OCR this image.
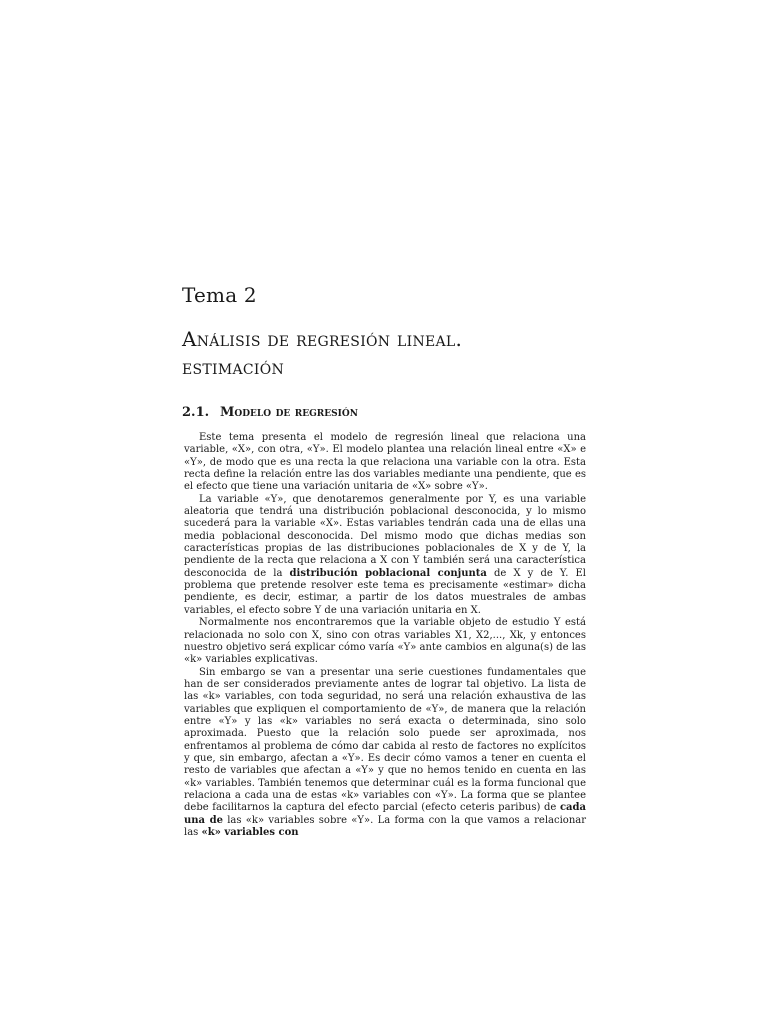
Tema 2
Análisis de regresión lineal.
estimación
2.1. Modelo de regresión

Este tema presenta el modelo de regresión lineal que relaciona una variable, «X», con otra, «Y». El modelo plantea una relación lineal entre «X» e «Y», de modo que es una recta la que relaciona una variable con la otra. Esta recta define la relación entre las dos variables mediante una pendiente, que es el efecto que tiene una variación unitaria de «X» sobre «Y».

La variable «Y», que denotaremos generalmente por Y, es una variable aleatoria que tendrá una distribución poblacional desconocida, y lo mismo sucederá para la variable «X». Estas variables tendrán cada una de ellas una media poblacional desconocida. Del mismo modo que dichas medias son características propias de las distribuciones poblacionales de X y de Y, la pendiente de la recta que relaciona a X con Y también será una característica desconocida de la distribución poblacional conjunta de X y de Y. El problema que pretende resolver este tema es precisamente «estimar» dicha pendiente, es decir, estimar, a partir de los datos muestrales de ambas variables, el efecto sobre Y de una variación unitaria en X.

Normalmente nos encontraremos que la variable objeto de estudio Y está relacionada no solo con X, sino con otras variables X1, X2,..., Xk, y entonces nuestro objetivo será explicar cómo varía «Y» ante cambios en alguna(s) de las «k» variables explicativas.

Sin embargo se van a presentar una serie cuestiones fundamentales que han de ser considerados previamente antes de lograr tal objetivo. La lista de las «k» variables, con toda seguridad, no será una relación exhaustiva de las variables que expliquen el comportamiento de «Y», de manera que la relación entre «Y» y las «k» variables no será exacta o determinada, sino solo aproximada. Puesto que la relación solo puede ser aproximada, nos enfrentamos al problema de cómo dar cabida al resto de factores no explícitos y que, sin embargo, afectan a «Y». Es decir cómo vamos a tener en cuenta el resto de variables que afectan a «Y» y que no hemos tenido en cuenta en las «k» variables. También tenemos que determinar cuál es la forma funcional que relaciona a cada una de estas «k» variables con «Y». La forma que se plantee debe facilitarnos la captura del efecto parcial (efecto ceteris paribus) de cada una de las «k» variables sobre «Y». La forma con la que vamos a relacionar las «k» variables con
